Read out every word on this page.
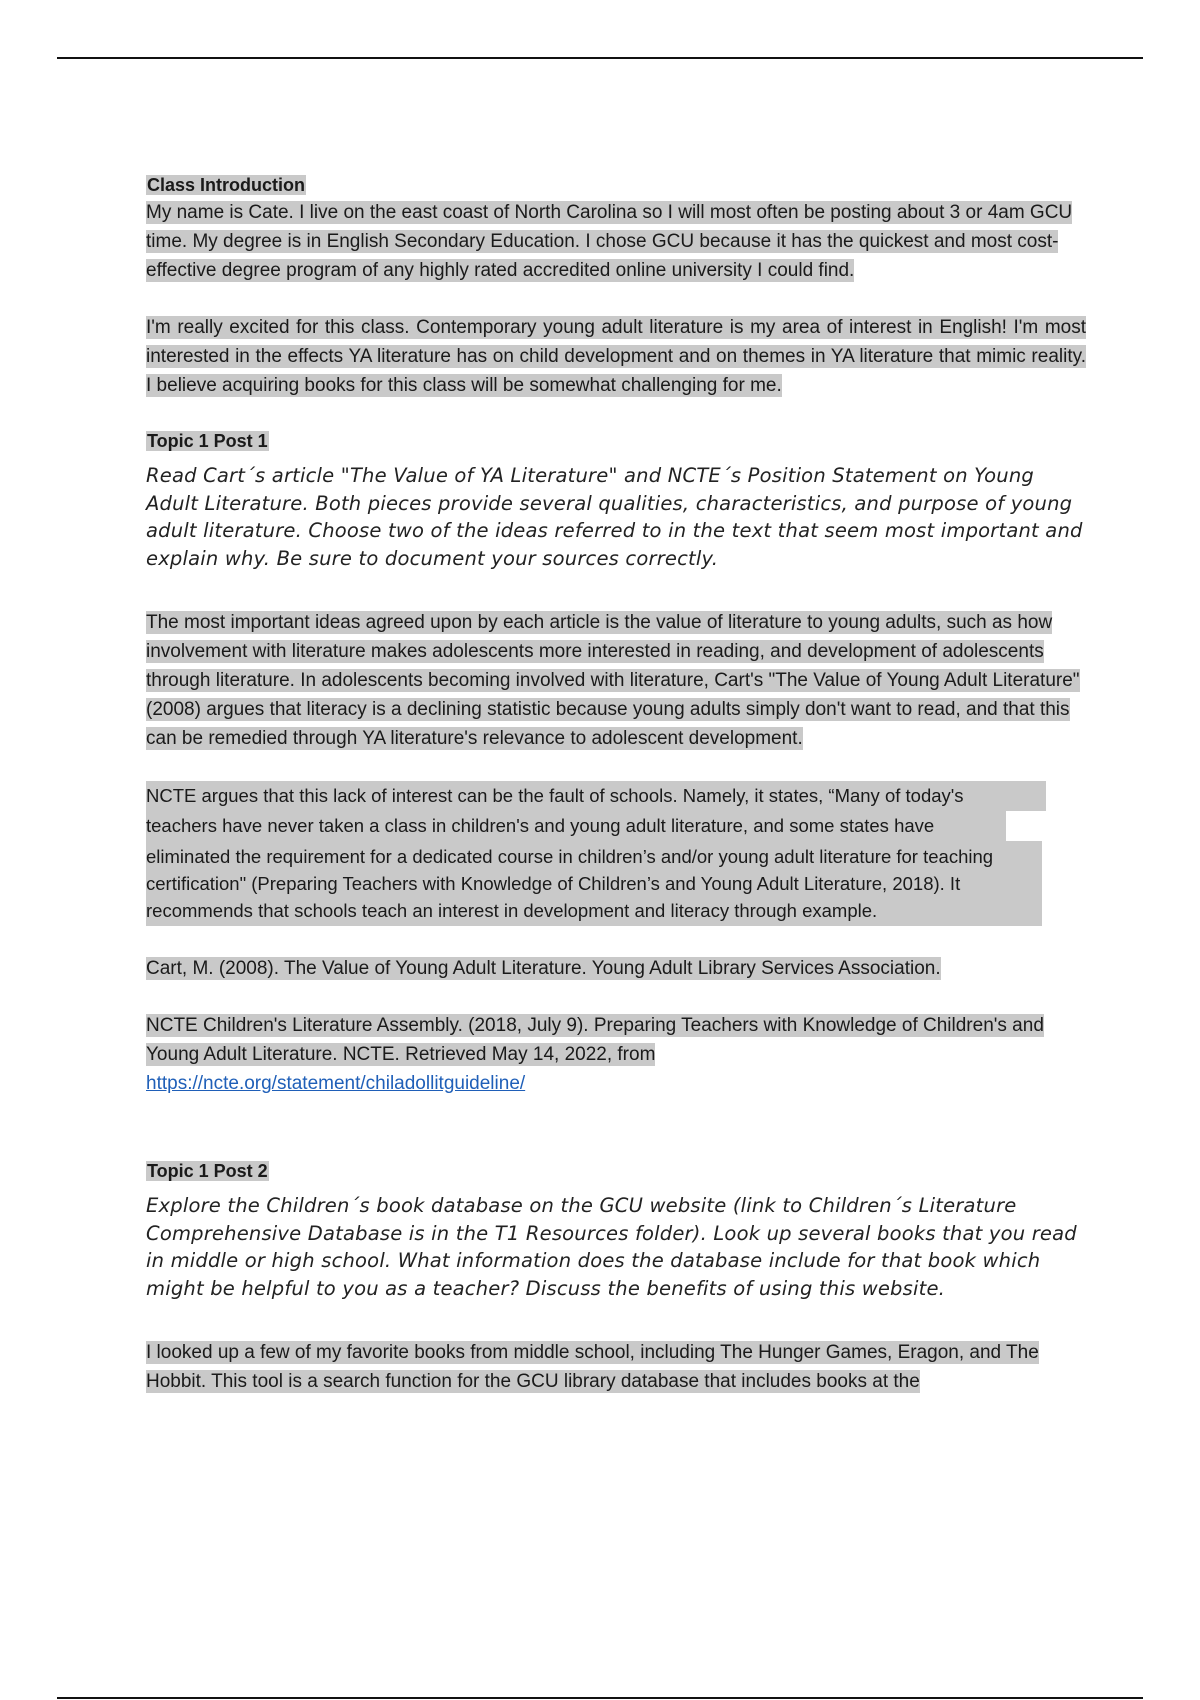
Class Introduction

My name is Cate. I live on the east coast of North Carolina so I will most often be posting about 3 or 4am GCU time. My degree is in English Secondary Education. I chose GCU because it has the quickest and most cost-effective degree program of any highly rated accredited online university I could find.

I'm really excited for this class. Contemporary young adult literature is my area of interest in English! I'm most interested in the effects YA literature has on child development and on themes in YA literature that mimic reality. I believe acquiring books for this class will be somewhat challenging for me.

Topic 1 Post 1

Read Cart´s article "The Value of YA Literature" and NCTE´s Position Statement on Young Adult Literature. Both pieces provide several qualities, characteristics, and purpose of young adult literature. Choose two of the ideas referred to in the text that seem most important and explain why. Be sure to document your sources correctly.

The most important ideas agreed upon by each article is the value of literature to young adults, such as how involvement with literature makes adolescents more interested in reading, and development of adolescents through literature. In adolescents becoming involved with literature, Cart's "The Value of Young Adult Literature" (2008) argues that literacy is a declining statistic because young adults simply don't want to read, and that this can be remedied through YA literature's relevance to adolescent development.

NCTE argues that this lack of interest can be the fault of schools. Namely, it states, “Many of today's

teachers have never taken a class in children's and young adult literature, and some states have

eliminated the requirement for a dedicated course in children’s and/or young adult literature for teaching certification" (Preparing Teachers with Knowledge of Children’s and Young Adult Literature, 2018). It recommends that schools teach an interest in development and literacy through example.

Cart, M. (2008). The Value of Young Adult Literature. Young Adult Library Services Association.

NCTE Children's Literature Assembly. (2018, July 9). Preparing Teachers with Knowledge of Children's and Young Adult Literature. NCTE. Retrieved May 14, 2022, from
https://ncte.org/statement/chiladollitguideline/

Topic 1 Post 2

Explore the Children´s book database on the GCU website (link to Children´s Literature Comprehensive Database is in the T1 Resources folder). Look up several books that you read in middle or high school. What information does the database include for that book which might be helpful to you as a teacher? Discuss the benefits of using this website.

I looked up a few of my favorite books from middle school, including The Hunger Games, Eragon, and The Hobbit. This tool is a search function for the GCU library database that includes books at the
